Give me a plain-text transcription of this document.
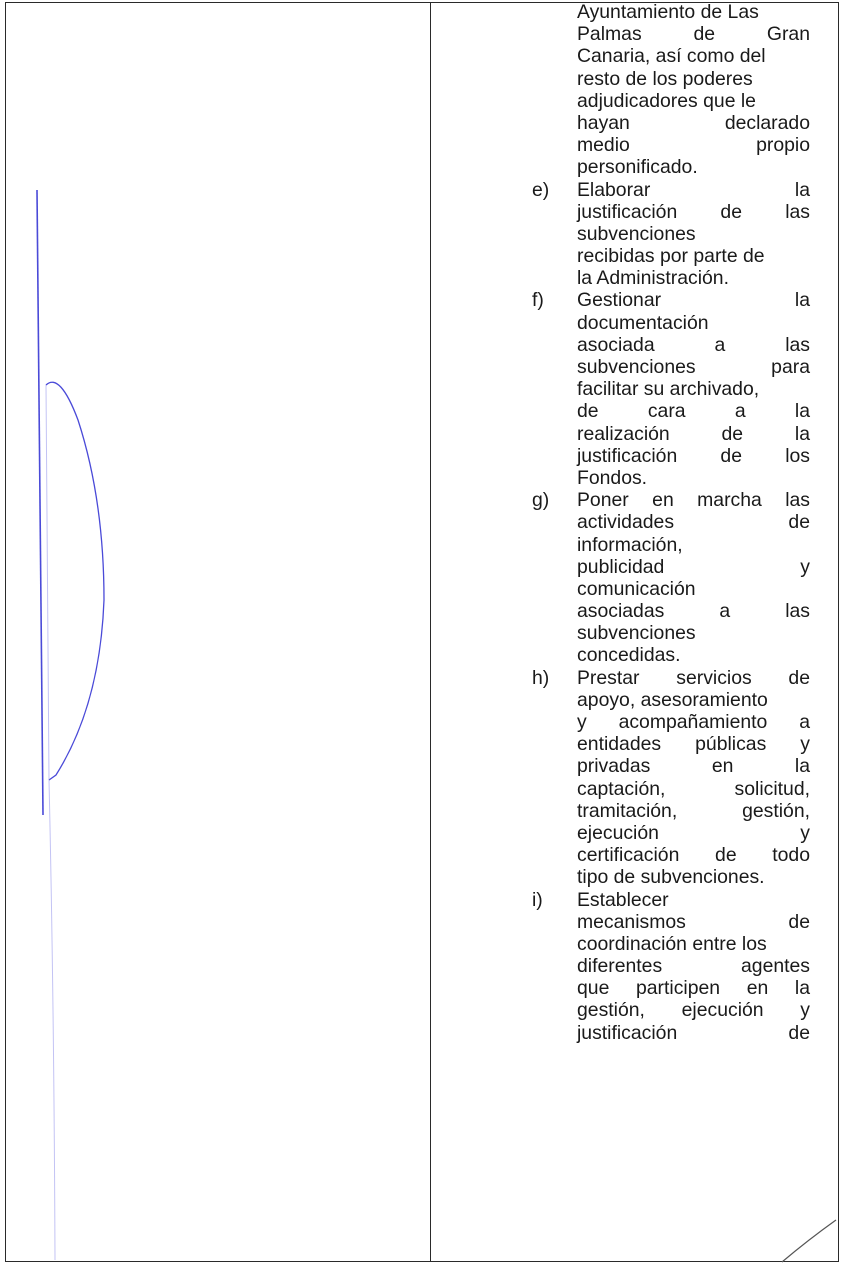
Ayuntamiento de Las
Palmas de Gran
Canaria, así como del
resto de los poderes
adjudicadores que le
hayan declarado
medio propio
personificado.
e) Elaborar la
justificación de las
subvenciones
recibidas por parte de
la Administración.
f) Gestionar la
documentación
asociada a las
subvenciones para
facilitar su archivado,
de cara a la
realización de la
justificación de los
Fondos.
g) Poner en marcha las
actividades de
información,
publicidad y
comunicación
asociadas a las
subvenciones
concedidas.
h) Prestar servicios de
apoyo, asesoramiento
y acompañamiento a
entidades públicas y
privadas en la
captación, solicitud,
tramitación, gestión,
ejecución y
certificación de todo
tipo de subvenciones.
i) Establecer
mecanismos de
coordinación entre los
diferentes agentes
que participen en la
gestión, ejecución y
justificación de
